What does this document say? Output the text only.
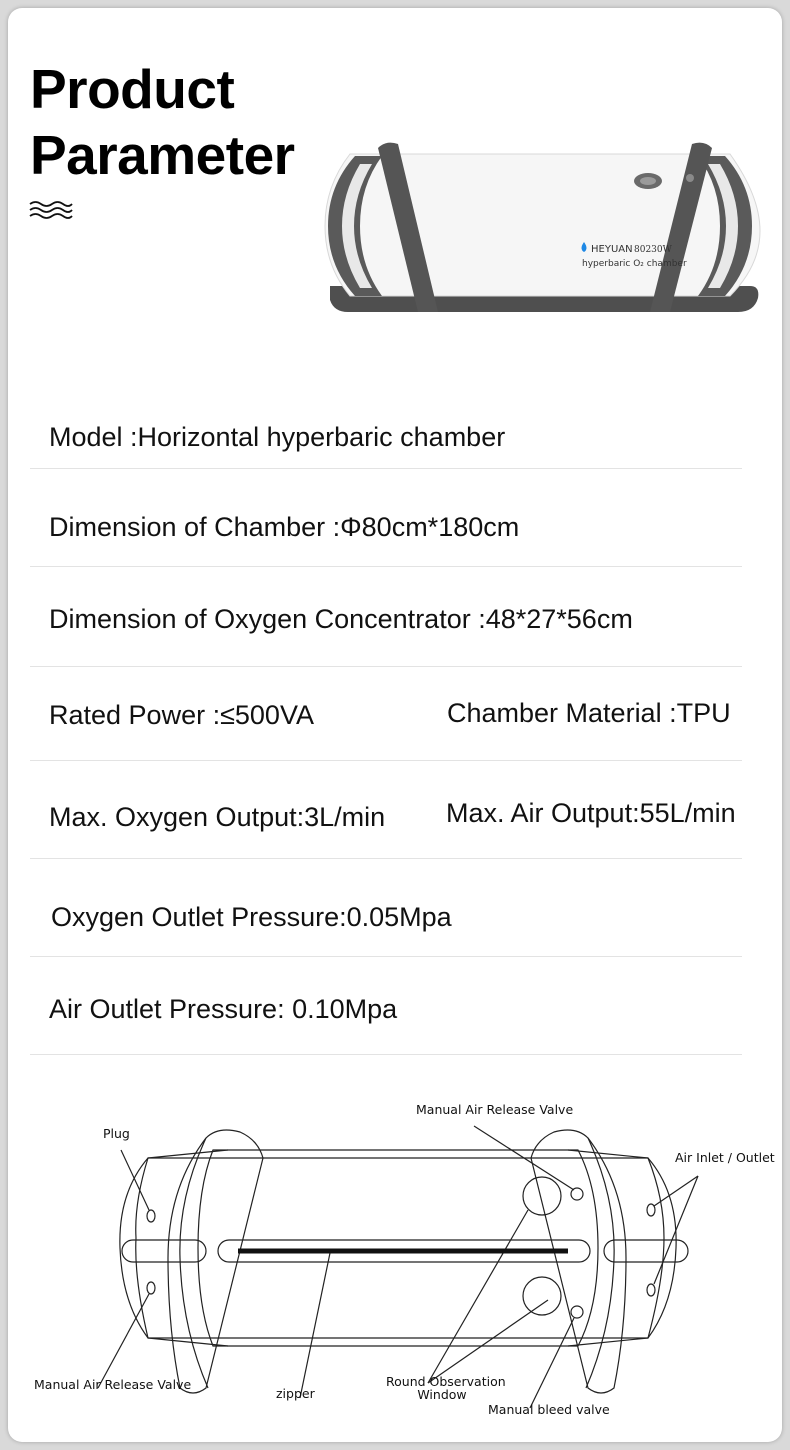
Product
Parameter
HEYUAN 80230W
hyperbaric O₂ chamber
Model :Horizontal hyperbaric chamber
Dimension of Chamber :Φ80cm*180cm
Dimension of Oxygen Concentrator :48*27*56cm
Rated Power :≤500VA	Chamber Material :TPU
Max. Oxygen Output:3L/min Max. Air Output:55L/min
Oxygen Outlet Pressure:0.05Mpa
Air Outlet Pressure: 0.10Mpa
Plug
Manual Air Release Valve
Air Inlet / Outlet
Manual Air Release Valve
zipper
Round Observation
Window
Manual bleed valve
